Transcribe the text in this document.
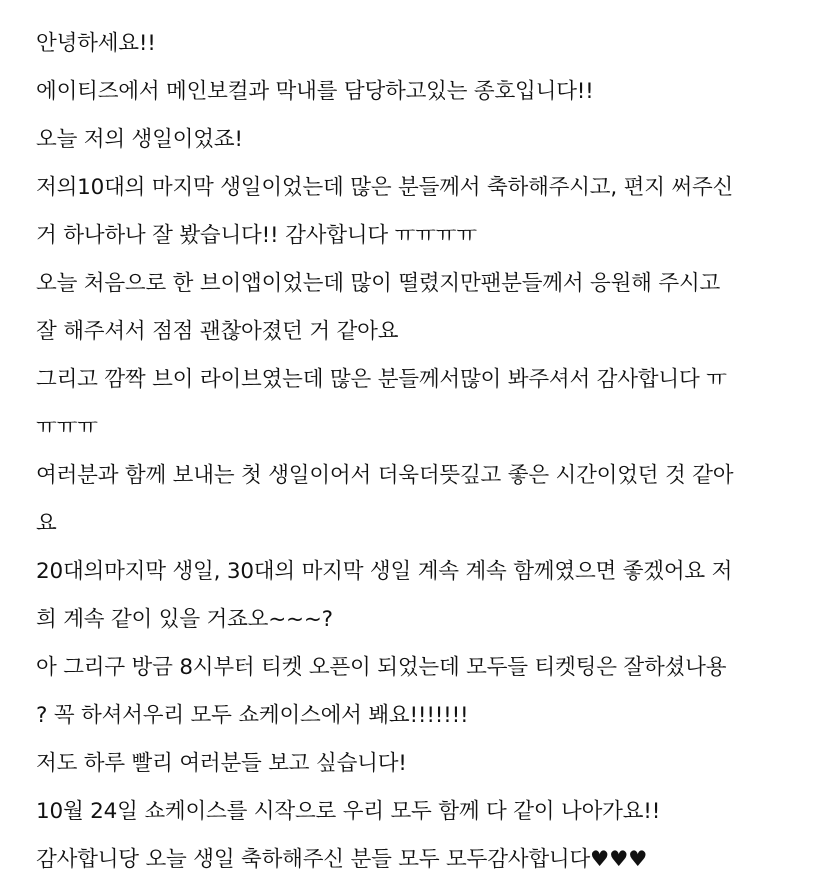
안녕하세요!!
에이티즈에서 메인보컬과 막내를 담당하고있는 종호입니다!!
오늘 저의 생일이었죠!
저의10대의 마지막 생일이었는데 많은 분들께서 축하해주시고, 편지 써주신
거 하나하나 잘 봤습니다!! 감사합니다 ㅠㅠㅠㅠ
오늘 처음으로 한 브이앱이었는데 많이 떨렸지만팬분들께서 응원해 주시고
잘 해주셔서 점점 괜찮아졌던 거 같아요
그리고 깜짝 브이 라이브였는데 많은 분들께서많이 봐주셔서 감사합니다 ㅠ
ㅠㅠㅠ
여러분과 함께 보내는 첫 생일이어서 더욱더뜻깊고 좋은 시간이었던 것 같아
요
20대의마지막 생일, 30대의 마지막 생일 계속 계속 함께였으면 좋겠어요 저
희 계속 같이 있을 거죠오~~~?
아 그리구 방금 8시부터 티켓 오픈이 되었는데 모두들 티켓팅은 잘하셨나용
? 꼭 하셔서우리 모두 쇼케이스에서 봬요!!!!!!!
저도 하루 빨리 여러분들 보고 싶습니다!
10월 24일 쇼케이스를 시작으로 우리 모두 함께 다 같이 나아가요!!
감사합니당 오늘 생일 축하해주신 분들 모두 모두감사합니다♥♥♥
